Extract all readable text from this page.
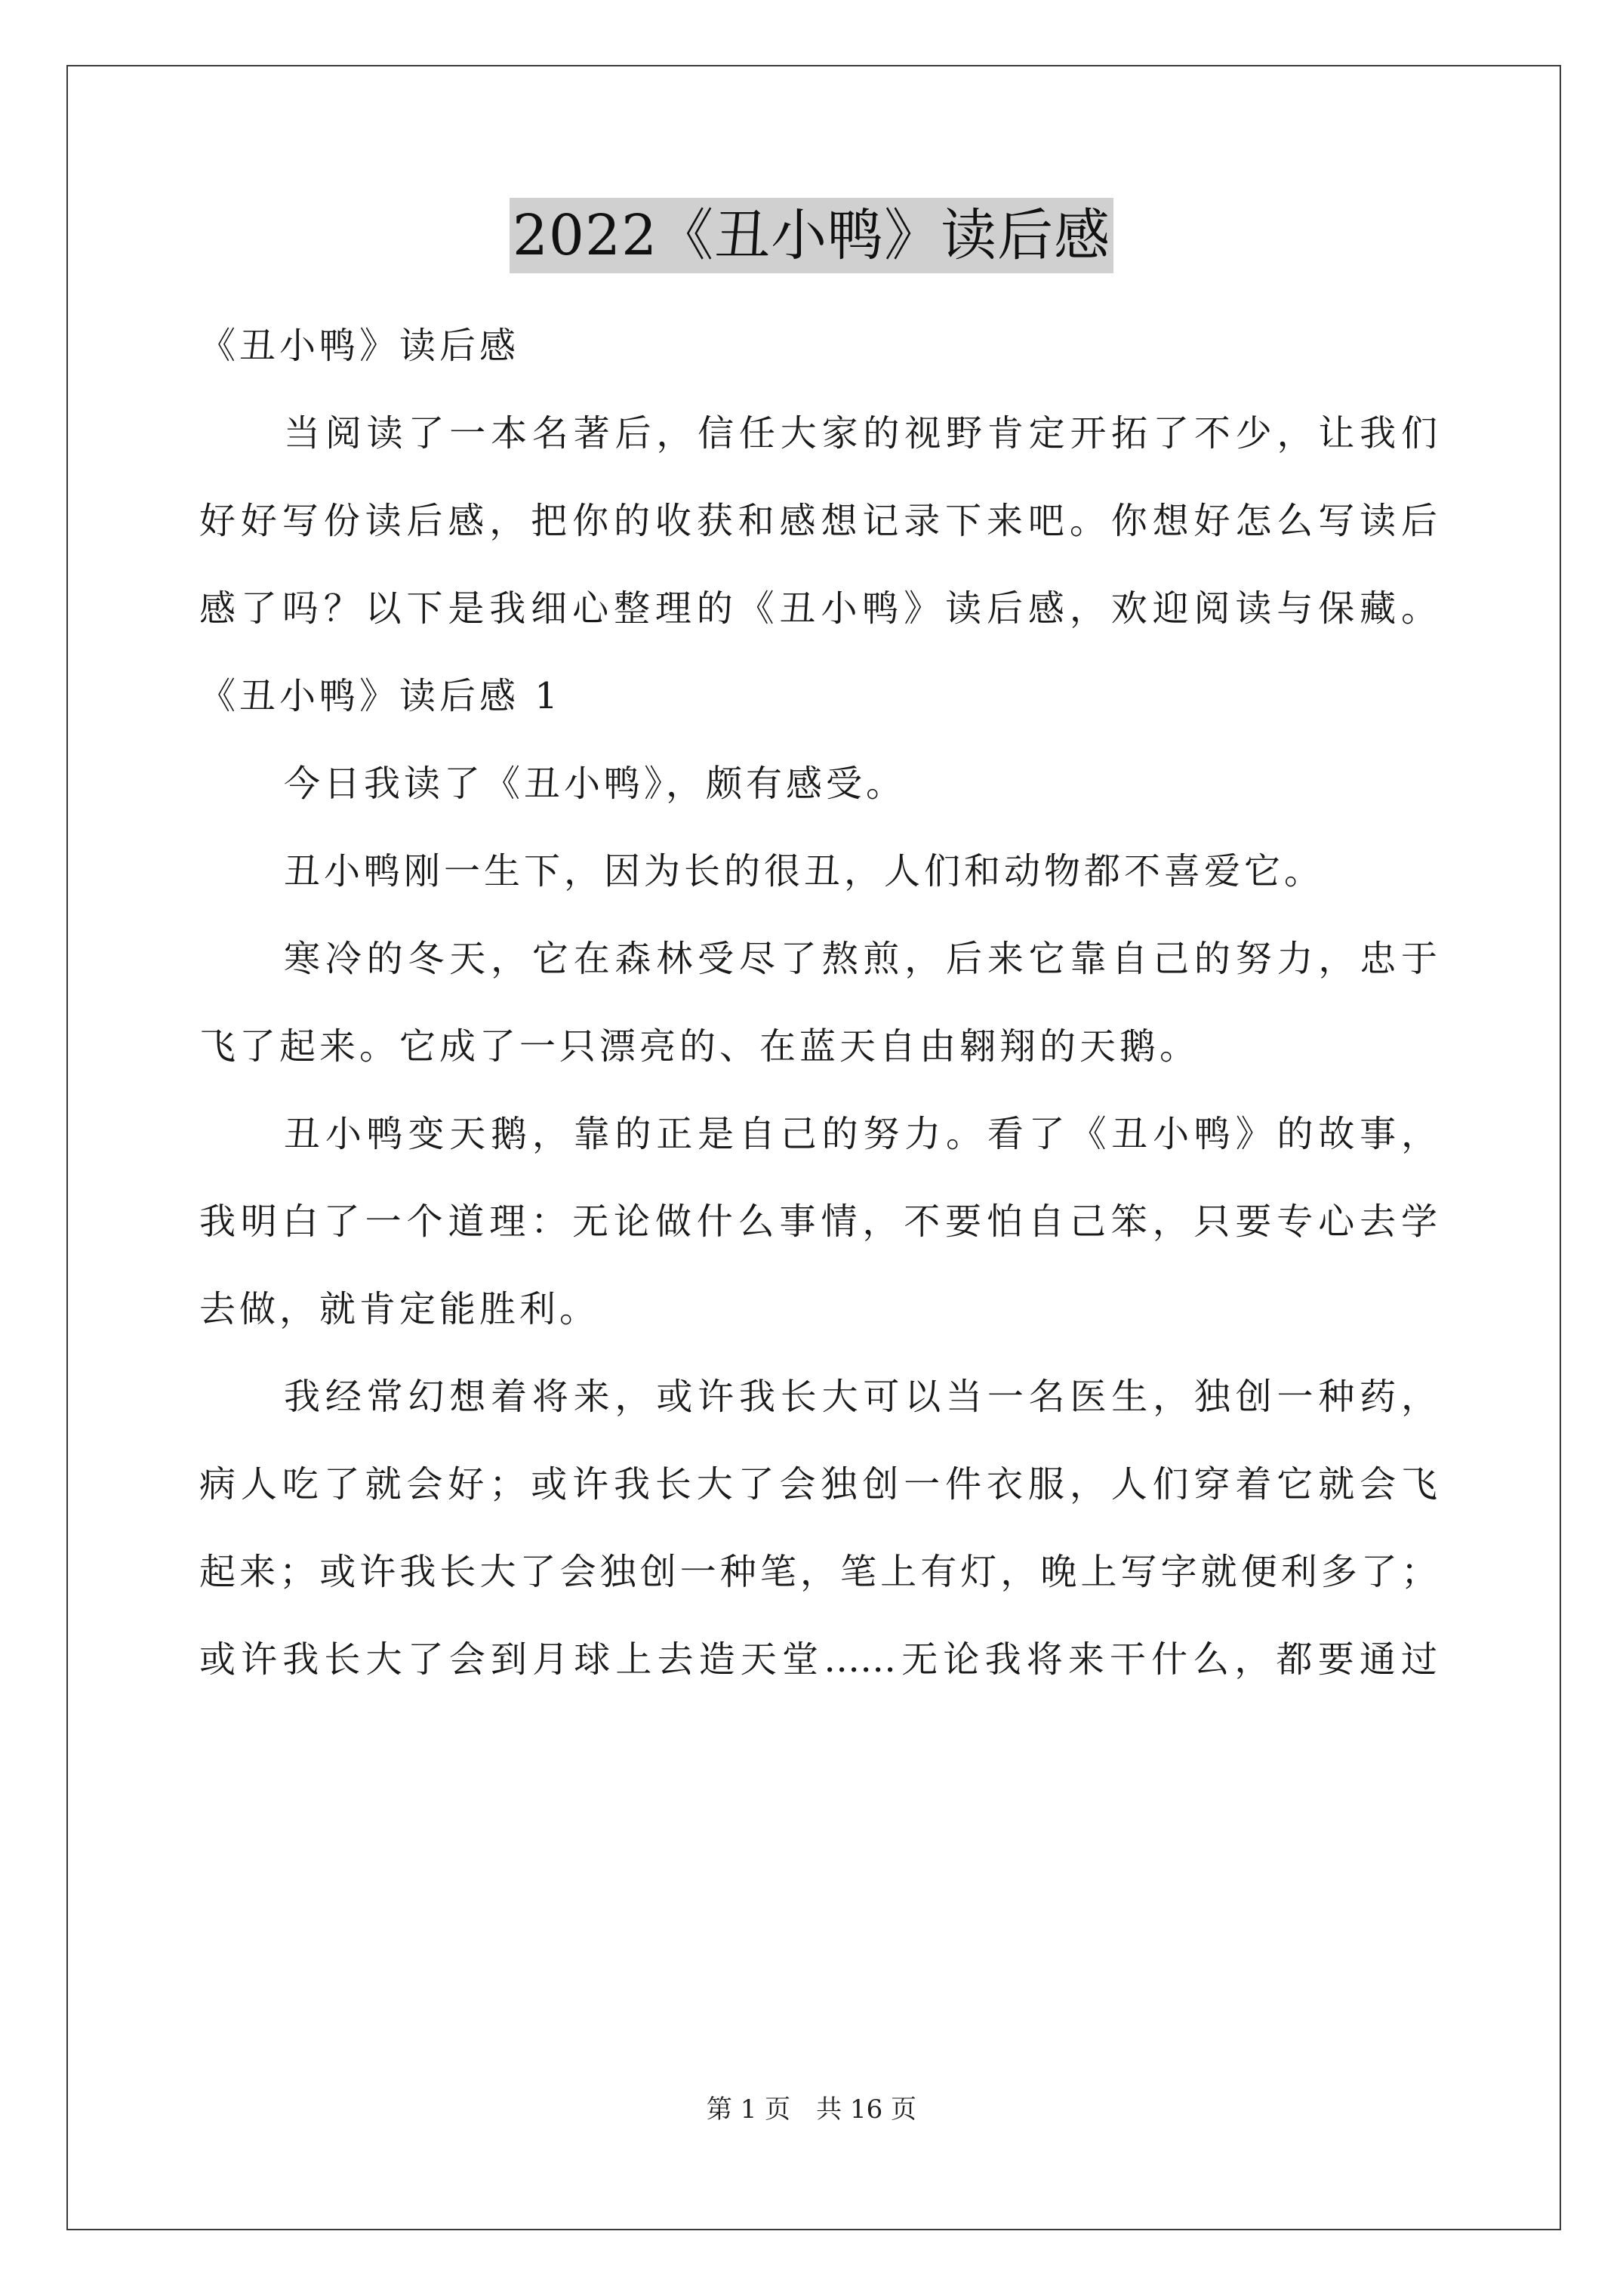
2022《丑小鸭》读后感
《丑小鸭》读后感
当阅读了一本名著后，信任大家的视野肯定开拓了不少，让我们
好好写份读后感，把你的收获和感想记录下来吧。你想好怎么写读后
感了吗？以下是我细心整理的《丑小鸭》读后感，欢迎阅读与保藏。
《丑小鸭》读后感 1
今日我读了《丑小鸭》，颇有感受。
丑小鸭刚一生下，因为长的很丑，人们和动物都不喜爱它。
寒冷的冬天，它在森林受尽了熬煎，后来它靠自己的努力，忠于
飞了起来。它成了一只漂亮的、在蓝天自由翱翔的天鹅。
丑小鸭变天鹅，靠的正是自己的努力。看了《丑小鸭》的故事，
我明白了一个道理：无论做什么事情，不要怕自己笨，只要专心去学
去做，就肯定能胜利。
我经常幻想着将来，或许我长大可以当一名医生，独创一种药，
病人吃了就会好；或许我长大了会独创一件衣服，人们穿着它就会飞
起来；或许我长大了会独创一种笔，笔上有灯，晚上写字就便利多了；
或许我长大了会到月球上去造天堂……无论我将来干什么，都要通过
第 1 页　共 16 页
